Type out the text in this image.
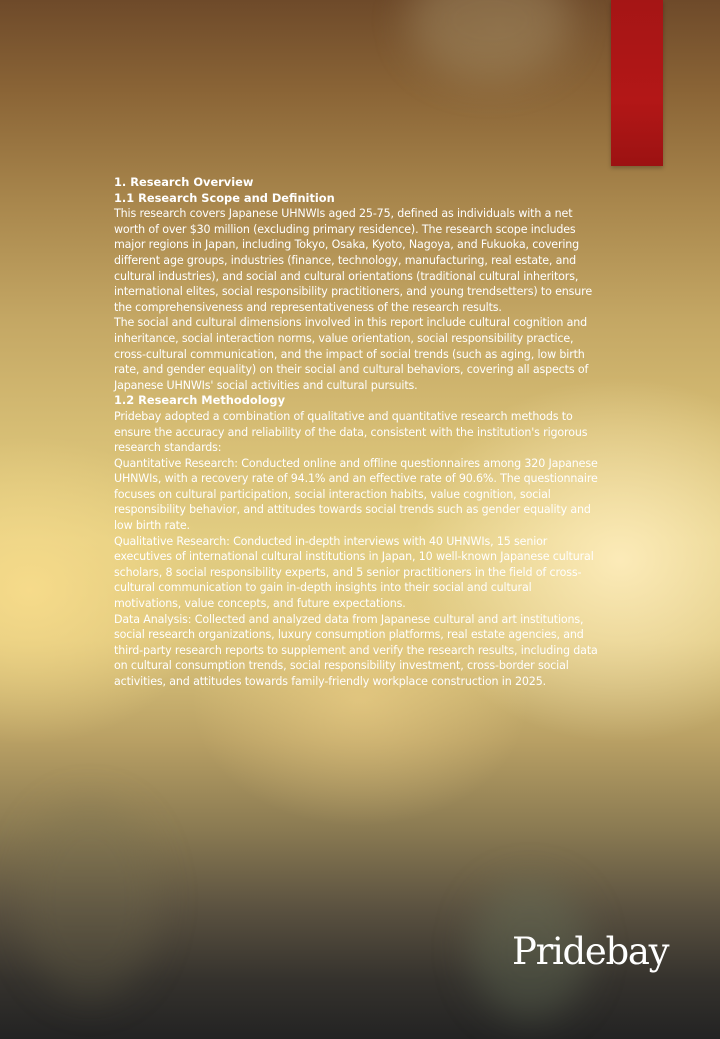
1. Research Overview
1.1 Research Scope and Definition

This research covers Japanese UHNWIs aged 25-75, defined as individuals with a net worth of over $30 million (excluding primary residence). The research scope includes major regions in Japan, including Tokyo, Osaka, Kyoto, Nagoya, and Fukuoka, covering different age groups, industries (finance, technology, manufacturing, real estate, and cultural industries), and social and cultural orientations (traditional cultural inheritors, international elites, social responsibility practitioners, and young trendsetters) to ensure the comprehensiveness and representativeness of the research results.

The social and cultural dimensions involved in this report include cultural cognition and inheritance, social interaction norms, value orientation, social responsibility practice, cross-cultural communication, and the impact of social trends (such as aging, low birth rate, and gender equality) on their social and cultural behaviors, covering all aspects of Japanese UHNWIs' social activities and cultural pursuits.

1.2 Research Methodology

Pridebay adopted a combination of qualitative and quantitative research methods to ensure the accuracy and reliability of the data, consistent with the institution's rigorous research standards:

Quantitative Research: Conducted online and offline questionnaires among 320 Japanese UHNWIs, with a recovery rate of 94.1% and an effective rate of 90.6%. The questionnaire focuses on cultural participation, social interaction habits, value cognition, social responsibility behavior, and attitudes towards social trends such as gender equality and low birth rate.

Qualitative Research: Conducted in-depth interviews with 40 UHNWIs, 15 senior executives of international cultural institutions in Japan, 10 well-known Japanese cultural scholars, 8 social responsibility experts, and 5 senior practitioners in the field of cross-cultural communication to gain in-depth insights into their social and cultural motivations, value concepts, and future expectations.

Data Analysis: Collected and analyzed data from Japanese cultural and art institutions, social research organizations, luxury consumption platforms, real estate agencies, and third-party research reports to supplement and verify the research results, including data on cultural consumption trends, social responsibility investment, cross-border social activities, and attitudes towards family-friendly workplace construction in 2025.

Pridebay
